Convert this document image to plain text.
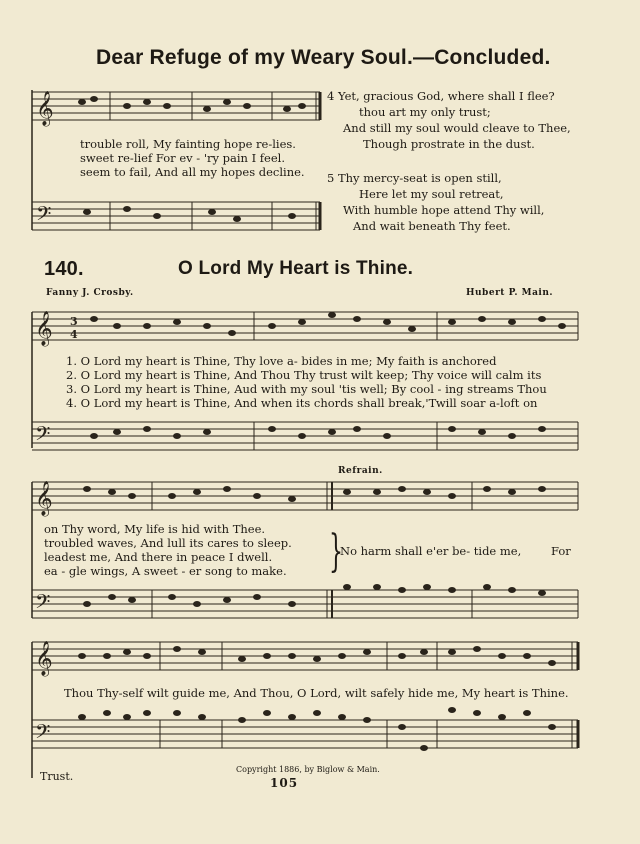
Dear Refuge of my Weary Soul.—Concluded.
𝄞
trouble roll, My fainting hope re-lies.
sweet re-lief For ev - 'ry pain I feel.
seem to fail, And all my hopes decline.
𝄢
4 Yet, gracious God, where shall I flee?
thou art my only trust;
And still my soul would cleave to Thee,
Though prostrate in the dust.
5 Thy mercy-seat is open still,
Here let my soul retreat,
With humble hope attend Thy will,
And wait beneath Thy feet.
140.	O Lord My Heart is Thine.
Fanny J. Crosby.	Hubert P. Main.
𝄞 3
4
1. O Lord my heart is Thine, Thy love a- bides in me; My faith is anchored
2. O Lord my heart is Thine, And Thou Thy trust wilt keep; Thy voice will calm its
3. O Lord my heart is Thine, Aud with my soul 'tis well; By cool - ing streams Thou
4. O Lord my heart is Thine, And when its chords shall break,'Twill soar a-loft on
𝄢
Refrain.
𝄞
on Thy word, My life is hid with Thee.
troubled waves, And lull its cares to sleep.
leadest me, And there in peace I dwell.
ea - gle wings, A sweet - er song to make. }
No harm shall e'er be- tide me,	For
𝄢
𝄞
Thou Thy-self wilt guide me, And Thou, O Lord, wilt safely hide me, My heart is Thine.
𝄢
Trust.
Copyright 1886, by Biglow & Main.
105
